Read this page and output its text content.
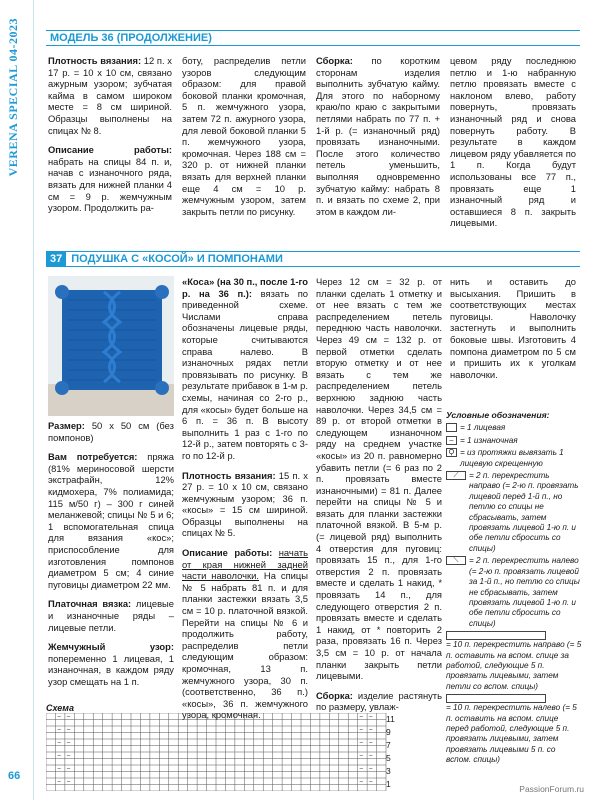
VERENA SPECIAL 04-2023
66
МОДЕЛЬ 36 (ПРОДОЛЖЕНИЕ)

Плотность вязания: 12 п. х 17 р. = 10 х 10 см, связано ажурным узором; зубчатая кайма в самом широком месте = 8 см шириной. Образцы выполнены на спицах № 8.

Описание работы: набрать на спицы 84 п. и, начав с изнаночного ряда, вязать для нижней планки 4 см = 9 р. жемчужным узором. Продолжить ра-

боту, распределив петли узоров следующим образом: для правой боковой планки кромочная, 5 п. жемчужного узора, затем 72 п. ажурного узора, для левой боковой планки 5 п. жемчужного узора, кромочная. Через 188 см = 320 р. от нижней планки вязать для верхней планки еще 4 см = 10 р. жемчужным узором, затем закрыть петли по рисунку.

Сборка: по коротким сторонам изделия выполнить зубчатую кайму. Для этого по наборному краю/по краю с закрытыми петлями набрать по 77 п. + 1-й р. (= изнаночный ряд) провязать изнаночными. После этого количество петель уменьшить, выполняя одновременно зубчатую кайму: набрать 8 п. и вязать по схеме 2, при этом в каждом ли-

цевом ряду последнюю петлю и 1-ю набранную петлю провязать вместе с наклоном влево, работу повернуть, провязать изнаночный ряд и снова повернуть работу. В результате в каждом лицевом ряду убавляется по 1 п. Когда будут использованы все 77 п., провязать еще 1 изнаночный ряд и оставшиеся 8 п. закрыть лицевыми.

37 ПОДУШКА С «КОСОЙ» И ПОМПОНАМИ

Размер: 50 х 50 см (без помпонов)

Вам потребуется: пряжа (81% мериносовой шерсти экстрафайн, 12% кидмохера, 7% полиамида; 115 м/50 г) – 300 г синей меланжевой; спицы № 5 и 6; 1 вспомогательная спица для вязания «кос»; приспособление для изготовления помпонов диаметром 5 см; 4 синие пуговицы диаметром 22 мм.

Платочная вязка: лицевые и изнаночные ряды – лицевые петли.

Жемчужный узор: попеременно 1 лицевая, 1 изнаночная, в каждом ряду узор смещать на 1 п.

«Коса» (на 30 п., после 1-го р. на 36 п.): вязать по приведенной схеме. Числами справа обозначены лицевые ряды, которые считываются справа налево. В изнаночных рядах петли провязывать по рисунку. В результате прибавок в 1-м р. схемы, начиная со 2-го р., для «косы» будет больше на 6 п. = 36 п. В высоту выполнить 1 раз с 1-го по 12-й р., затем повторять с 3-го по 12-й р.

Плотность вязания: 15 п. х 27 р. = 10 х 10 см, связано жемчужным узором; 36 п. «косы» = 15 см шириной. Образцы выполнены на спицах № 5.

Описание работы: начать от края нижней задней части наволочки. На спицы № 5 набрать 81 п. и для планки застежки вязать 3,5 см = 10 р. платочной вязкой. Перейти на спицы № 6 и продолжить работу, распределив петли следующим образом: кромочная, 13 п. жемчужного узора, 30 п. (соответственно, 36 п.) «косы», 36 п. жемчужного узора, кромочная.

Через 12 см = 32 р. от планки сделать 1 отметку и от нее вязать с тем же распределением петель переднюю часть наволочки. Через 49 см = 132 р. от первой отметки сделать вторую отметку и от нее вязать с тем же распределением петель верхнюю заднюю часть наволочки. Через 34,5 см = 89 р. от второй отметки в следующем изнаночном ряду на среднем участке «косы» из 20 п. равномерно убавить петли (= 6 раз по 2 п. провязать вместе изнаночными) = 81 п. Далее перейти на спицы № 5 и вязать для планки застежки платочной вязкой. В 5-м р. (= лицевой ряд) выполнить 4 отверстия для пуговиц: провязать 15 п., для 1-го отверстия 2 п. провязать вместе и сделать 1 накид, * провязать 14 п., для следующего отверстия 2 п. провязать вместе и сделать 1 накид, от * повторить 2 раза, провязать 16 п. Через 3,5 см = 10 р. от начала планки закрыть петли лицевыми.

Сборка: изделие растянуть по размеру, увлаж-

нить и оставить до высыхания. Пришить в соответствующих местах пуговицы. Наволочку застегнуть и выполнить боковые швы. Изготовить 4 помпона диаметром по 5 см и пришить их к уголкам наволочки.

Условные обозначения:
= 1 лицевая
– = 1 изнаночная
Ϙ = из протяжки вывязать 1 лицевую скрещенную
⟋	= 2 п. перекрестить направо (= 2-ю п. провязать лицевой перед 1-й п., но петлю со спицы не сбрасывать, затем провязать лицевой 1-ю п. и обе петли сбросить со спицы)
⟍	= 2 п. перекрестить налево (= 2-ю п. провязать лицевой за 1-й п., но петлю со спицы не сбрасывать, затем провязать лицевой 1-ю п. и обе петли сбросить со спицы)
= 10 п. перекрестить направо (= 5 п. оставить на вспом. спице за работой, следующие 5 п. провязать лицевыми, затем петли со вспом. спицы)
= 10 п. перекрестить налево (= 5 п. оставить на вспом. спице перед работой, следующие 5 п. провязать лицевыми, затем провязать лицевыми 5 п. со вспом. спицы)
Схема
– –	– –
– –	– –
– –	– –
– –	– –
– –	– –
– –	– –
11
9
7
5
3
1	PassionForum.ru
